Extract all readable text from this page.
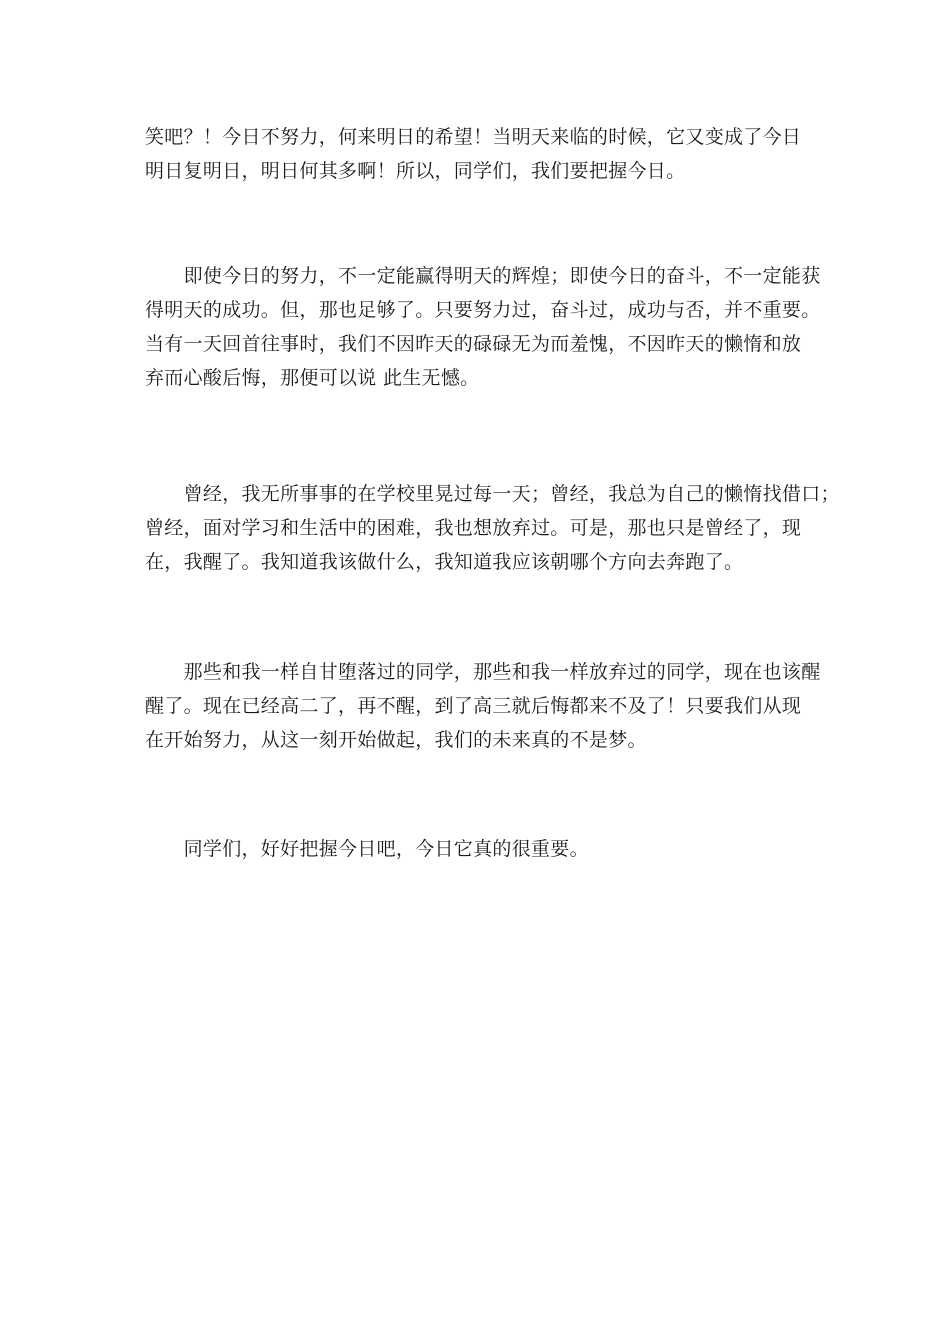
笑吧？！今日不努力，何来明日的希望！当明天来临的时候，它又变成了今日
明日复明日，明日何其多啊！所以，同学们，我们要把握今日。

　　即使今日的努力，不一定能赢得明天的辉煌；即使今日的奋斗，不一定能获
得明天的成功。但，那也足够了。只要努力过，奋斗过，成功与否，并不重要。
当有一天回首往事时，我们不因昨天的碌碌无为而羞愧，不因昨天的懒惰和放
弃而心酸后悔，那便可以说 此生无憾。

　　曾经，我无所事事的在学校里晃过每一天；曾经，我总为自己的懒惰找借口；
曾经，面对学习和生活中的困难，我也想放弃过。可是，那也只是曾经了，现
在，我醒了。我知道我该做什么，我知道我应该朝哪个方向去奔跑了。

　　那些和我一样自甘堕落过的同学，那些和我一样放弃过的同学，现在也该醒
醒了。现在已经高二了，再不醒，到了高三就后悔都来不及了！只要我们从现
在开始努力，从这一刻开始做起，我们的未来真的不是梦。

　　同学们，好好把握今日吧，今日它真的很重要。
